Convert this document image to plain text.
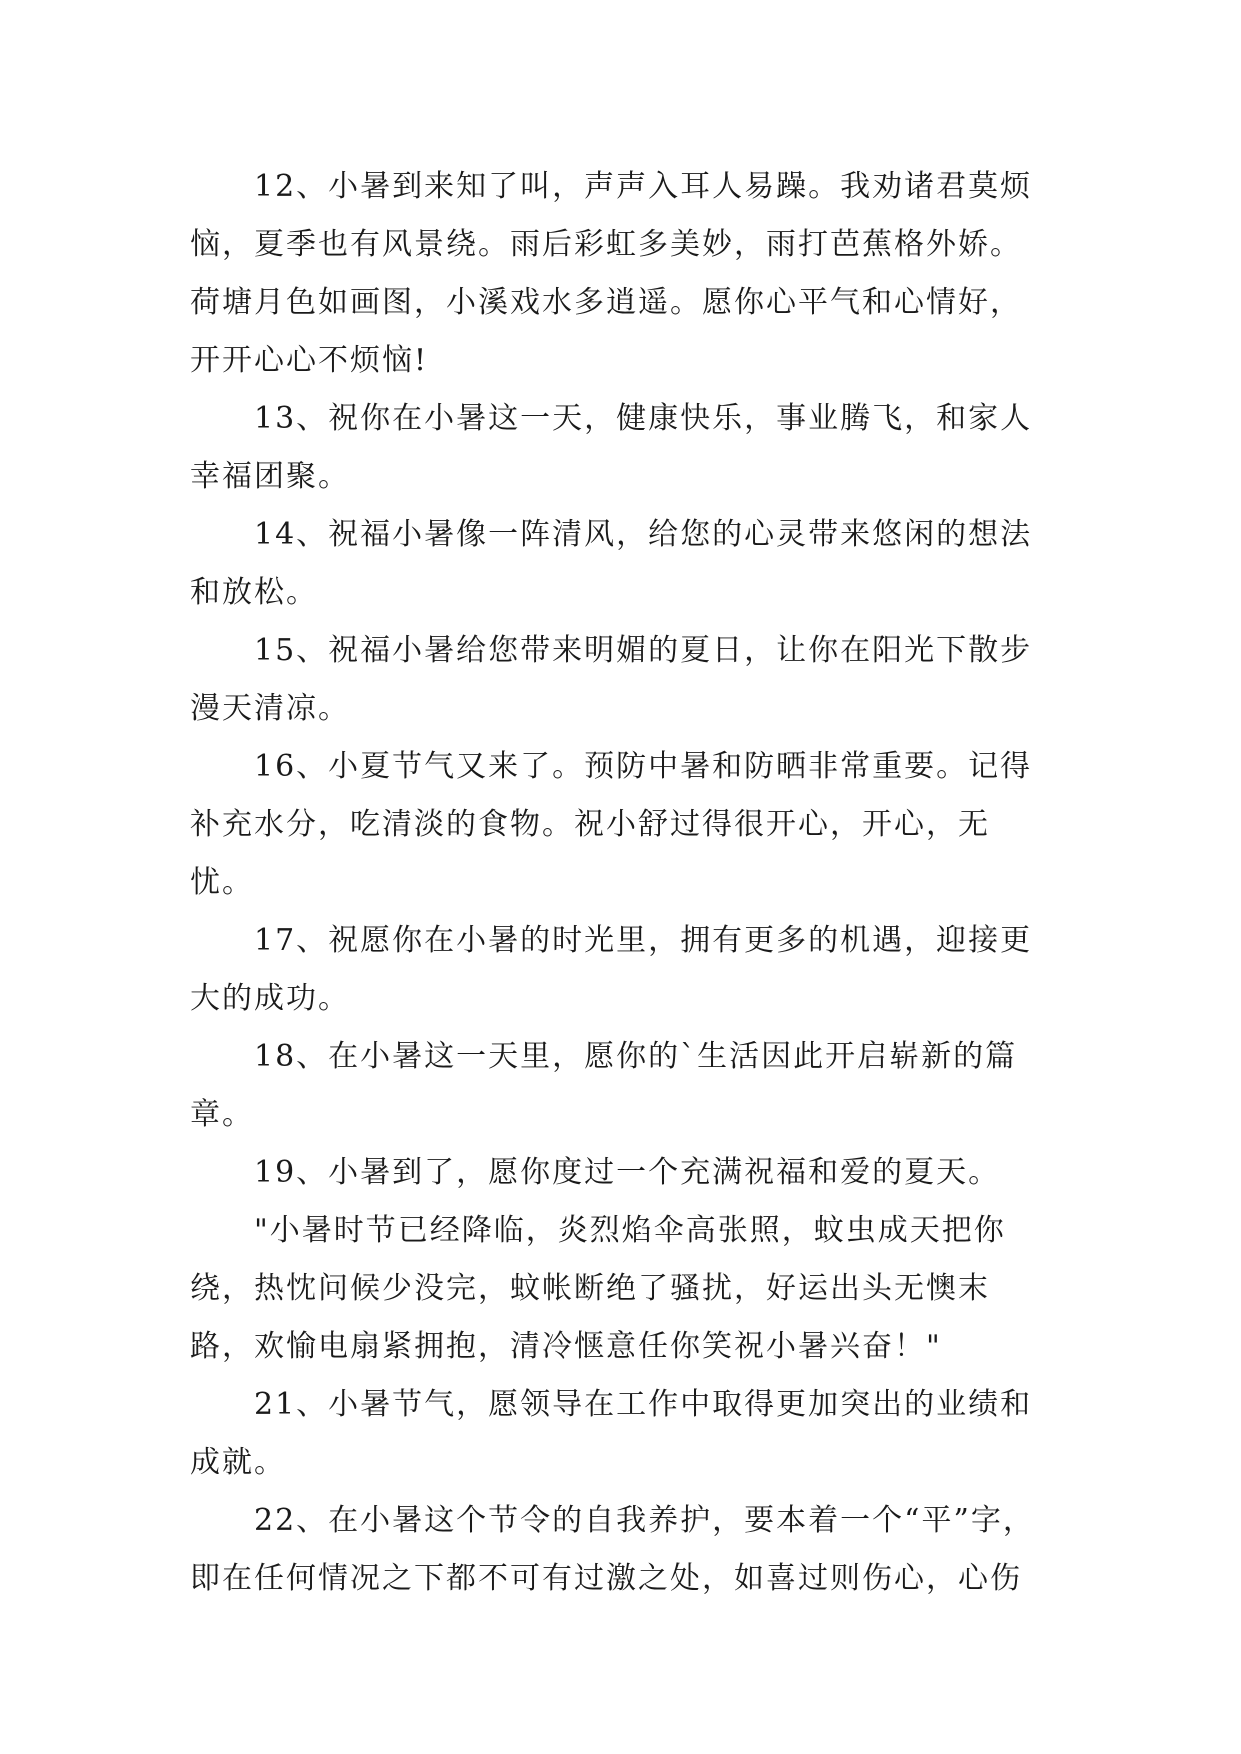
12、小暑到来知了叫，声声入耳人易躁。我劝诸君莫烦恼，夏季也有风景绕。雨后彩虹多美妙，雨打芭蕉格外娇。荷塘月色如画图，小溪戏水多逍遥。愿你心平气和心情好，开开心心不烦恼!

13、祝你在小暑这一天，健康快乐，事业腾飞，和家人幸福团聚。

14、祝福小暑像一阵清风，给您的心灵带来悠闲的想法和放松。

15、祝福小暑给您带来明媚的夏日，让你在阳光下散步漫天清凉。

16、小夏节气又来了。预防中暑和防晒非常重要。记得补充水分，吃清淡的食物。祝小舒过得很开心，开心，无忧。

17、祝愿你在小暑的时光里，拥有更多的机遇，迎接更大的成功。

18、在小暑这一天里，愿你的`生活因此开启崭新的篇章。

19、小暑到了，愿你度过一个充满祝福和爱的夏天。

"小暑时节已经降临，炎烈焰伞高张照，蚊虫成天把你绕，热忱问候少没完，蚊帐断绝了骚扰，好运出头无懊末路，欢愉电扇紧拥抱，清冷惬意任你笑祝小暑兴奋！"

21、小暑节气，愿领导在工作中取得更加突出的业绩和成就。

22、在小暑这个节令的自我养护，要本着一个“平”字，即在任何情况之下都不可有过激之处，如喜过则伤心，心伤
